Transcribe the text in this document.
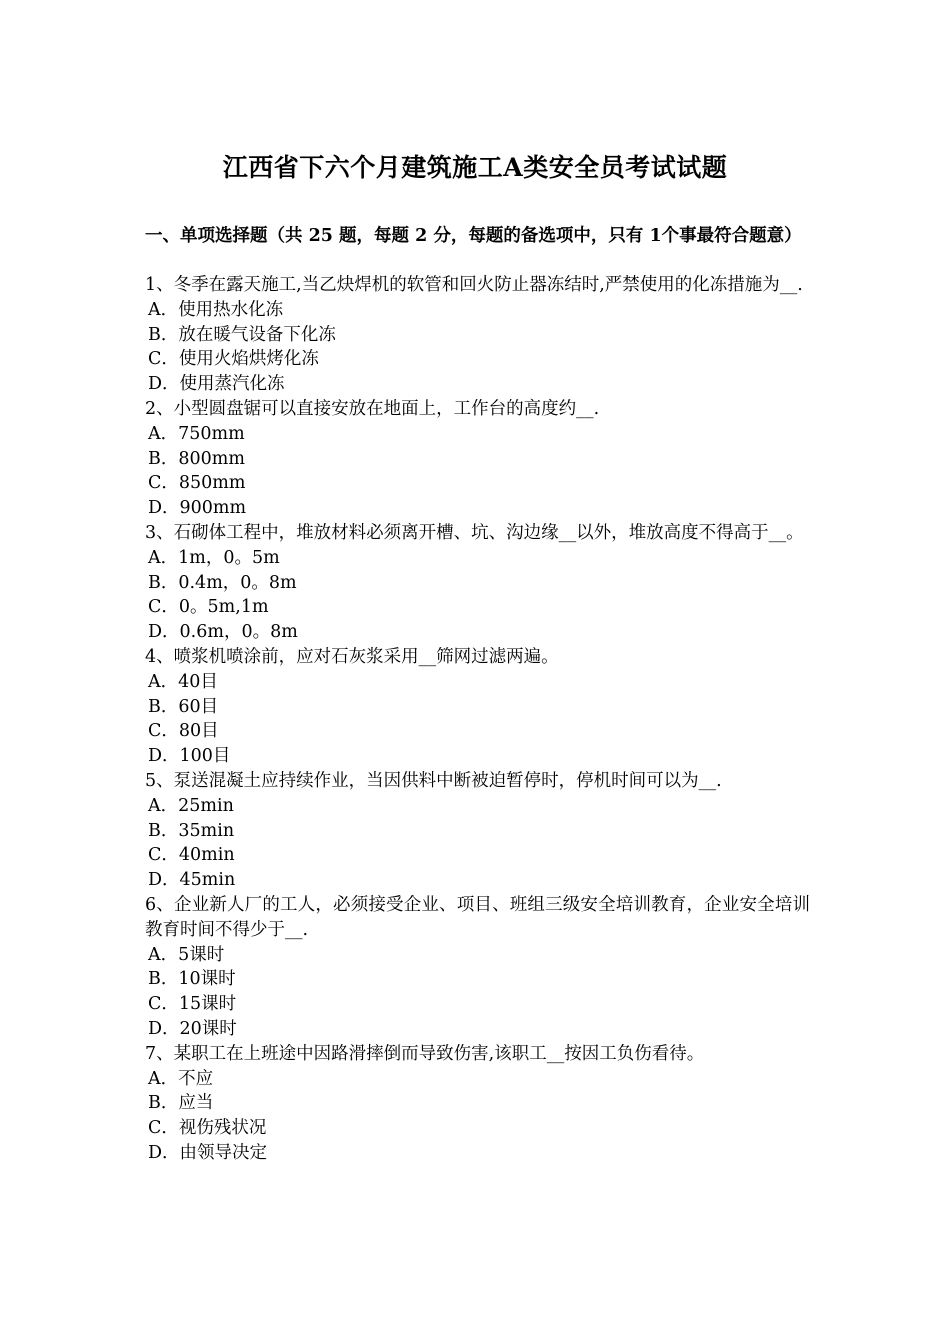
江西省下六个月建筑施工A类安全员考试试题
一、单项选择题（共 25 题，每题 2 分，每题的备选项中，只有 1个事最符合题意）

1、冬季在露天施工,当乙炔焊机的软管和回火防止器冻结时,严禁使用的化冻措施为__.

A．使用热水化冻

B．放在暖气设备下化冻

C．使用火焰烘烤化冻

D．使用蒸汽化冻

2、小型圆盘锯可以直接安放在地面上，工作台的高度约__.

A．750mm

B．800mm

C．850mm

D．900mm

3、石砌体工程中，堆放材料必须离开槽、坑、沟边缘__以外，堆放高度不得高于__。

A．1m，0。5m

B．0.4m，0。8m

C．0。5m,1m

D．0.6m，0。8m

4、喷浆机喷涂前，应对石灰浆采用__筛网过滤两遍。

A．40目

B．60目

C．80目

D．100目

5、泵送混凝土应持续作业，当因供料中断被迫暂停时，停机时间可以为__.

A．25min

B．35min

C．40min

D．45min

6、企业新人厂的工人，必须接受企业、项目、班组三级安全培训教育，企业安全培训教育时间不得少于__.

A．5课时

B．10课时

C．15课时

D．20课时

7、某职工在上班途中因路滑摔倒而导致伤害,该职工__按因工负伤看待。

A．不应

B．应当

C．视伤残状况

D．由领导决定
